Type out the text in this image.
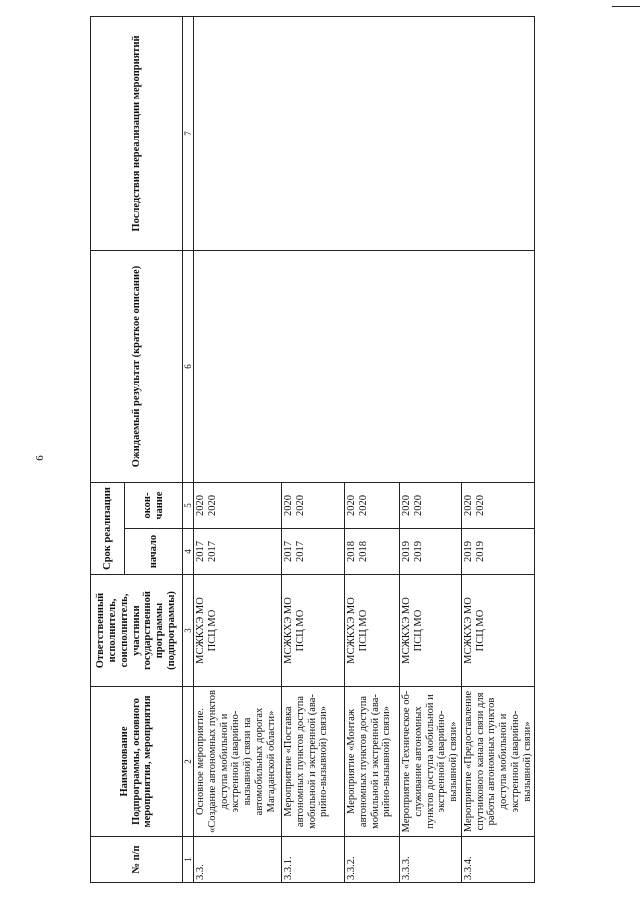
6
№ п/п	Наименование Подпрограммы, основного мероприятия, мероприятия	Ответственный исполнитель, соисполнитель, участники государственной программы (подпрограммы)	Срок реализации		Ожидаемый результат (краткое описание)	Последствия нереализации мероприятий
			начало	окон-чание		
1	2	3	4	5	6	7
3.3.	Основное мероприятие. «Создание автономных пунктов доступа мобильной и экстренной (аварийно-вызывной) связи на автомобильных дорогах Магаданской области»	МСЖКХЭ МО ПСЦ МО	2017 2017	2020 2020		

3.3.1.	Мероприятие «Поставка автономных пунктов доступа мобильной и экстренной (ава-рийно-вызывной) связи»	МСЖКХЭ МО ПСЦ МО	2017 2017	2020 2020		

3.3.2.	Мероприятие «Монтаж автономных пунктов доступа мобильной и экстренной (ава-рийно-вызывной) связи»	МСЖКХЭ МО ПСЦ МО	2018 2018	2020 2020		

3.3.3.	Мероприятие «Техническое об-служивание автономных пунктов доступа мобильной и экстренной (аварийно-вызывной) связи»	МСЖКХЭ МО ПСЦ МО	2019 2019	2020 2020		

3.3.4.	Мероприятие «Предоставление спутникового канала связи для работы автономных пунктов доступа мобильной и экстренной (аварийно-вызывной) связи»	МСЖКХЭ МО ПСЦ МО	2019 2019	2020 2020		
